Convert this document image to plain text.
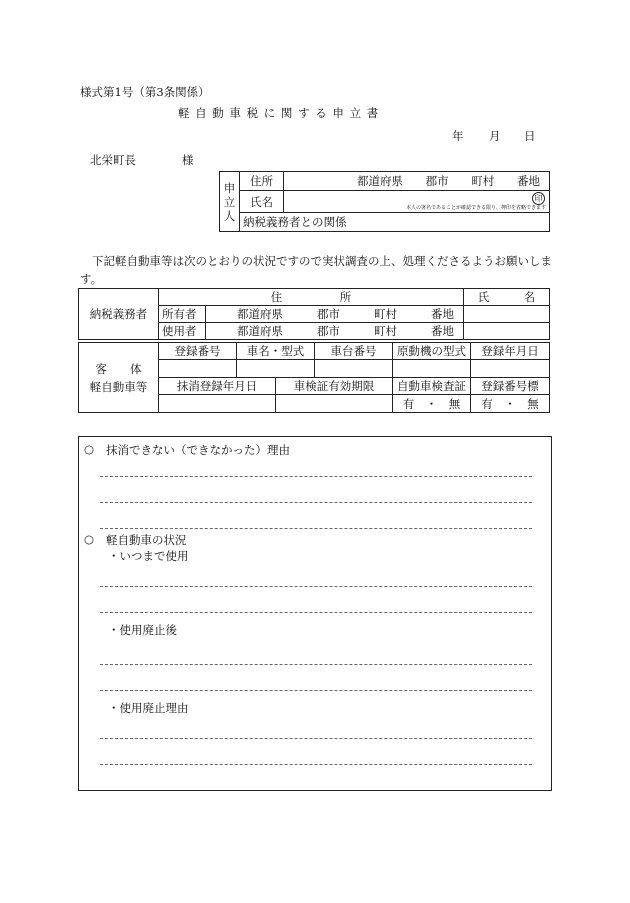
様式第1号（第3条関係）
軽 自 動 車 税 に 関 す る 申 立 書
年 月 日
北栄町長	様
申立人	住所	都道府県 郡市 町村 番地

	氏名	印
本人の署名であることが確認できる限り、押印を省略できます

	納税義務者との関係	
下記軽自動車等は次のとおりの状況ですので実状調査の上、処理くださるようお願いします。
納税義務者	住　　　　　所		氏　　　名
	所有者	都道府県 郡市 町村 番地	

	使用者	都道府県 郡市 町村 番地	

客　　体
軽自動車等	登録番号	車名・型式		車台番号	原動機の型式	登録年月日

	抹消登録年月日		車検証有効期限		自動車検査証	登録番号標
					有　・　無	有　・　無
○ 抹消できない（できなかった）理由
○ 軽自動車の状況
・いつまで使用
・使用廃止後
・使用廃止理由
